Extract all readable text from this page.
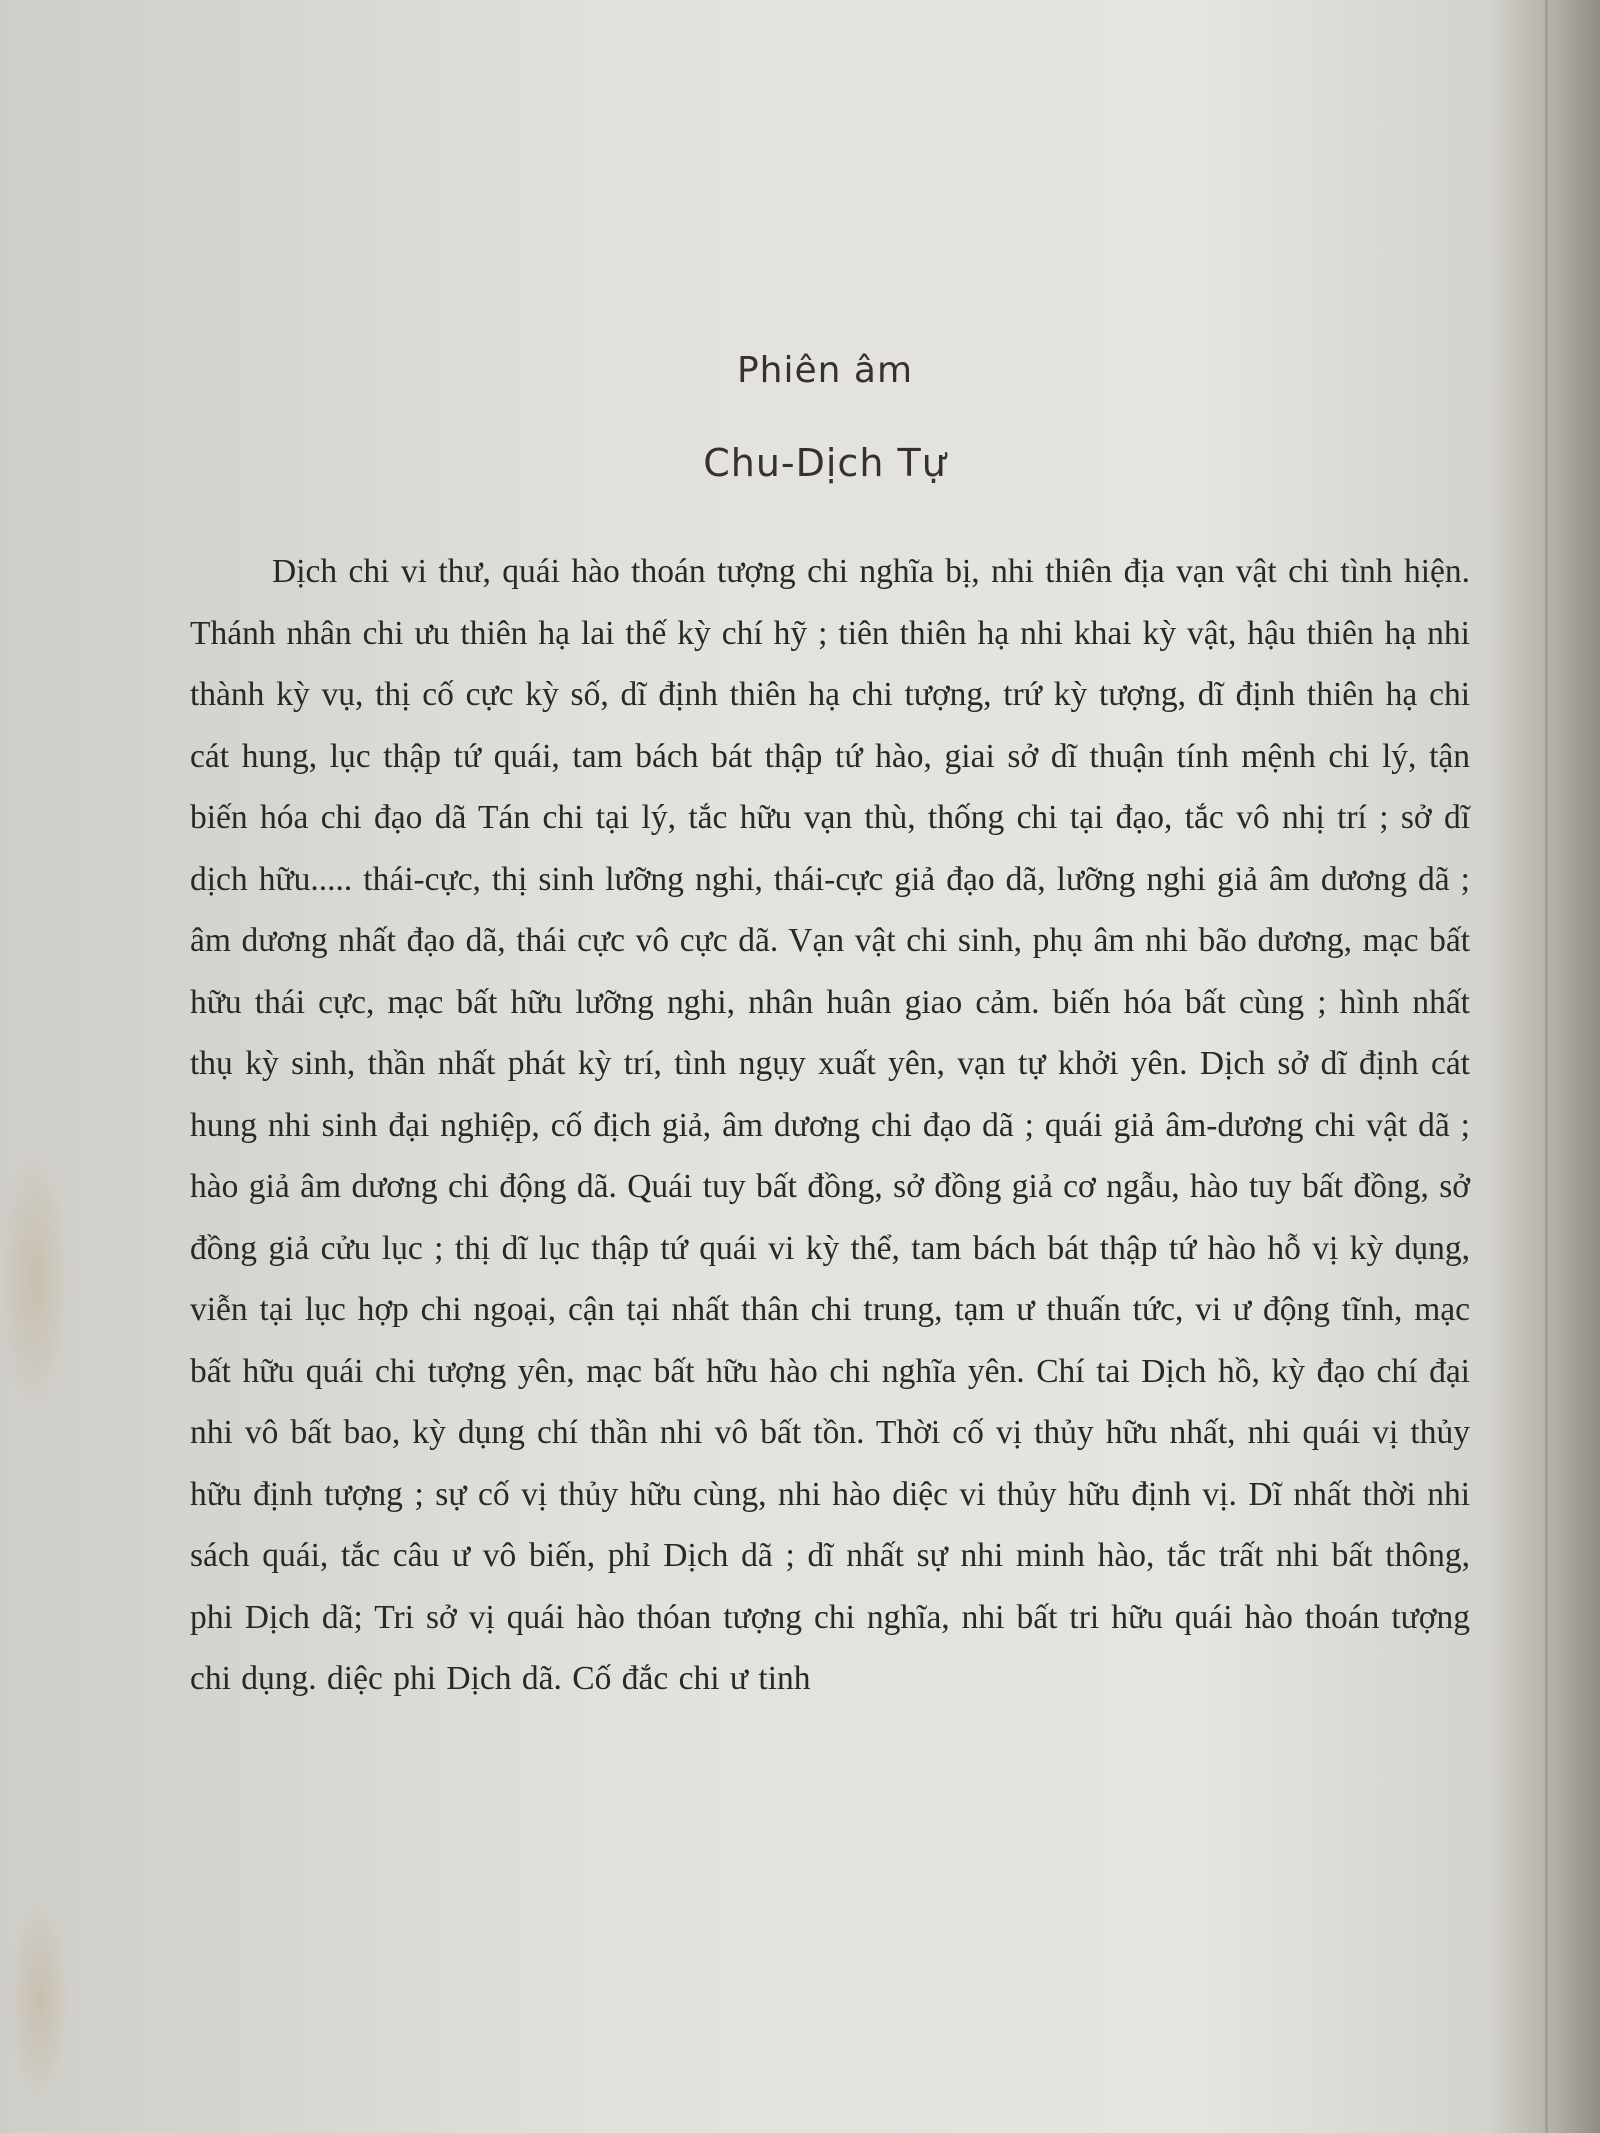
Phiên âm
Chu-Dịch Tự

Dịch chi vi thư, quái hào thoán tượng chi nghĩa bị, nhi thiên địa vạn vật chi tình hiện. Thánh nhân chi ưu thiên hạ lai thế kỳ chí hỹ ; tiên thiên hạ nhi khai kỳ vật, hậu thiên hạ nhi thành kỳ vụ, thị cố cực kỳ số, dĩ định thiên hạ chi tượng, trứ kỳ tượng, dĩ định thiên hạ chi cát hung, lục thập tứ quái, tam bách bát thập tứ hào, giai sở dĩ thuận tính mệnh chi lý, tận biến hóa chi đạo dã Tán chi tại lý, tắc hữu vạn thù, thống chi tại đạo, tắc vô nhị trí ; sở dĩ dịch hữu..... thái-cực, thị sinh lưỡng nghi, thái-cực giả đạo dã, lưỡng nghi giả âm dương dã ; âm dương nhất đạo dã, thái cực vô cực dã. Vạn vật chi sinh, phụ âm nhi bão dương, mạc bất hữu thái cực, mạc bất hữu lưỡng nghi, nhân huân giao cảm. biến hóa bất cùng ; hình nhất thụ kỳ sinh, thần nhất phát kỳ trí, tình ngụy xuất yên, vạn tự khởi yên. Dịch sở dĩ định cát hung nhi sinh đại nghiệp, cố địch giả, âm dương chi đạo dã ; quái giả âm-dương chi vật dã ; hào giả âm dương chi động dã. Quái tuy bất đồng, sở đồng giả cơ ngẫu, hào tuy bất đồng, sở đồng giả cửu lục ; thị dĩ lục thập tứ quái vi kỳ thể, tam bách bát thập tứ hào hỗ vị kỳ dụng, viễn tại lục hợp chi ngoại, cận tại nhất thân chi trung, tạm ư thuấn tức, vi ư động tĩnh, mạc bất hữu quái chi tượng yên, mạc bất hữu hào chi nghĩa yên. Chí tai Dịch hồ, kỳ đạo chí đại nhi vô bất bao, kỳ dụng chí thần nhi vô bất tồn. Thời cố vị thủy hữu nhất, nhi quái vị thủy hữu định tượng ; sự cố vị thủy hữu cùng, nhi hào diệc vi thủy hữu định vị. Dĩ nhất thời nhi sách quái, tắc câu ư vô biến, phỉ Dịch dã ; dĩ nhất sự nhi minh hào, tắc trất nhi bất thông, phi Dịch dã; Tri sở vị quái hào thóan tượng chi nghĩa, nhi bất tri hữu quái hào thoán tượng chi dụng. diệc phi Dịch dã. Cố đắc chi ư tinh
